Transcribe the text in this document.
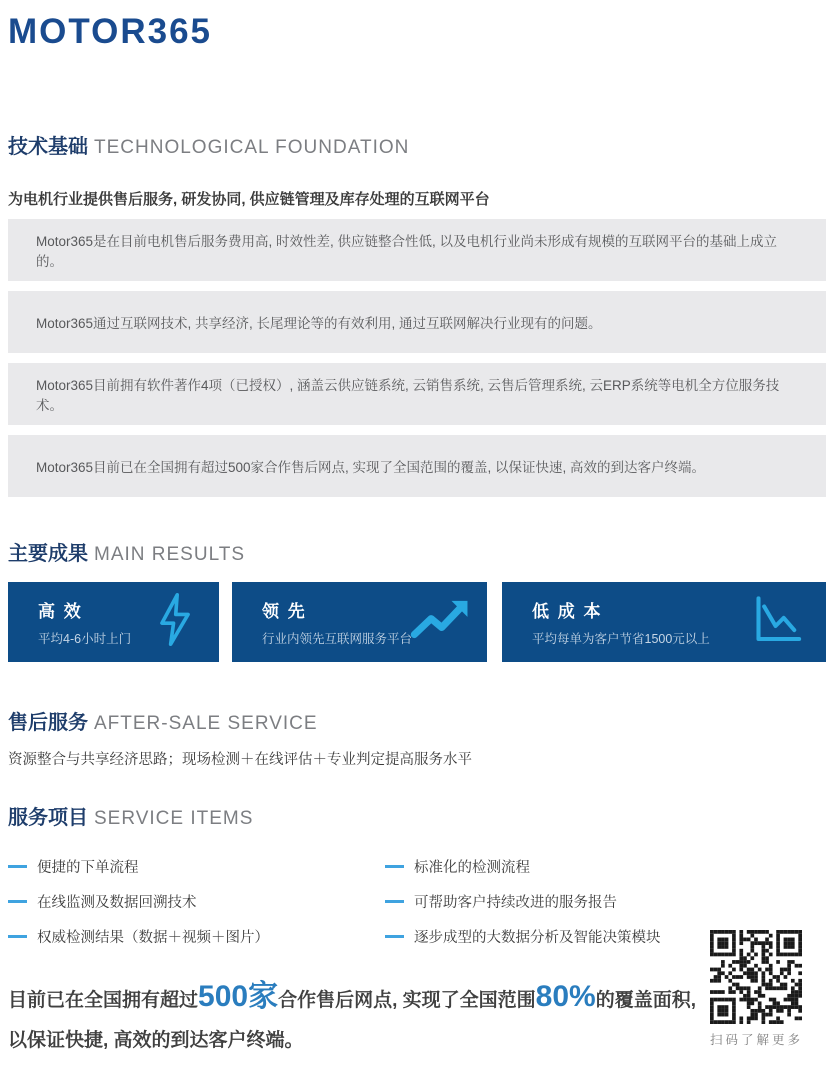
MOTOR365
技术基础 TECHNOLOGICAL FOUNDATION

为电机行业提供售后服务, 研发协同, 供应链管理及库存处理的互联网平台

Motor365是在目前电机售后服务费用高, 时效性差, 供应链整合性低, 以及电机行业尚未形成有规模的互联网平台的基础上成立的。
Motor365通过互联网技术, 共享经济, 长尾理论等的有效利用, 通过互联网解决行业现有的问题。
Motor365目前拥有软件著作4项（已授权）, 涵盖云供应链系统, 云销售系统, 云售后管理系统, 云ERP系统等电机全方位服务技术。
Motor365目前已在全国拥有超过500家合作售后网点, 实现了全国范围的覆盖, 以保证快速, 高效的到达客户终端。
主要成果 MAIN RESULTS
高 效
平均4-6小时上门
领 先
行业内领先互联网服务平台
低 成 本
平均每单为客户节省1500元以上
售后服务 AFTER-SALE SERVICE

资源整合与共享经济思路；现场检测＋在线评估＋专业判定提高服务水平

服务项目 SERVICE ITEMS
便捷的下单流程
在线监测及数据回溯技术
权威检测结果（数据＋视频＋图片）
标准化的检测流程
可帮助客户持续改进的服务报告
逐步成型的大数据分析及智能决策模块

目前已在全国拥有超过500家合作售后网点, 实现了全国范围80%的覆盖面积,
以保证快捷, 高效的到达客户终端。	扫码了解更多
